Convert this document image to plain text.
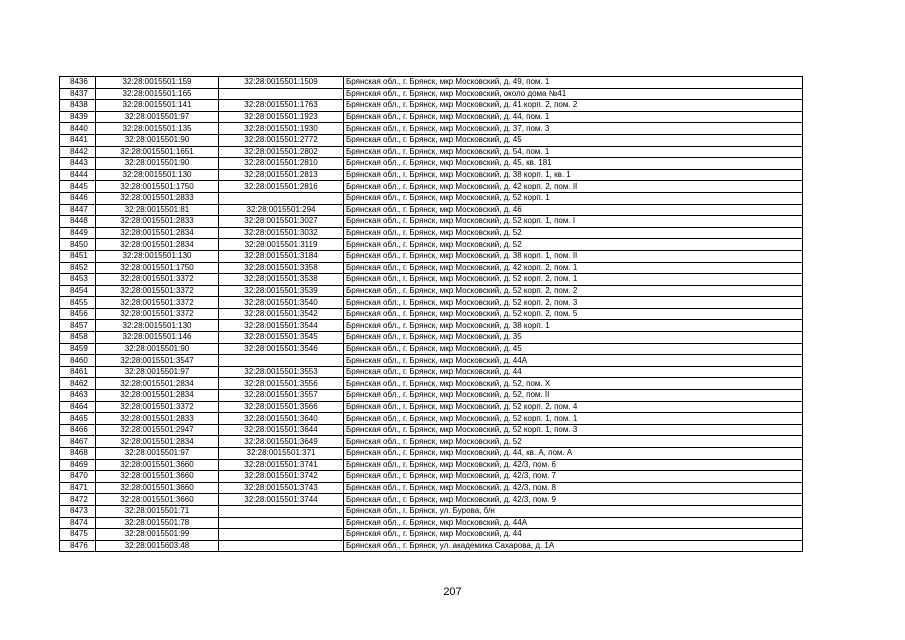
8436	32:28:0015501:159	32:28:0015501:1509	Брянская обл., г. Брянск, мкр Московский, д. 49, пом. 1
8437	32:28:0015501:165		Брянская обл., г. Брянск, мкр Московский, около дома №41
8438	32:28:0015501:141	32:28:0015501:1763	Брянская обл., г. Брянск, мкр Московский, д. 41 корп. 2, пом. 2
8439	32:28:0015501:97	32:28:0015501:1923	Брянская обл., г. Брянск, мкр Московский, д. 44, пом. 1
8440	32:28:0015501:135	32:28:0015501:1930	Брянская обл., г. Брянск, мкр Московский, д. 37, пом. 3
8441	32:28:0015501:90	32:28:0015501:2772	Брянская обл., г. Брянск, мкр Московский, д. 45
8442	32:28:0015501:1651	32:28:0015501:2802	Брянская обл., г. Брянск, мкр Московский, д. 54, пом. 1
8443	32:28:0015501:90	32:28:0015501:2810	Брянская обл., г. Брянск, мкр Московский, д. 45, кв. 181
8444	32:28:0015501:130	32:28:0015501:2813	Брянская обл., г. Брянск, мкр Московский, д. 38 корп. 1, кв. 1
8445	32:28:0015501:1750	32:28:0015501:2816	Брянская обл., г. Брянск, мкр Московский, д. 42 корп. 2, пом. II
8446	32:28:0015501:2833		Брянская обл., г. Брянск, мкр Московский, д. 52 корп. 1
8447	32:28:0015501:81	32:28:0015501:294	Брянская обл., г. Брянск, мкр Московский, д. 46
8448	32:28:0015501:2833	32:28:0015501:3027	Брянская обл., г. Брянск, мкр Московский, д. 52 корп. 1, пом. I
8449	32:28:0015501:2834	32:28:0015501:3032	Брянская обл., г. Брянск, мкр Московский, д. 52
8450	32:28:0015501:2834	32:28:0015501:3119	Брянская обл., г. Брянск, мкр Московский, д. 52
8451	32:28:0015501:130	32:28:0015501:3184	Брянская обл., г. Брянск, мкр Московский, д. 38 корп. 1, пом. II
8452	32:28:0015501:1750	32:28:0015501:3358	Брянская обл., г. Брянск, мкр Московский, д. 42 корп. 2, пом. 1
8453	32:28:0015501:3372	32:28:0015501:3538	Брянская обл., г. Брянск, мкр Московский, д. 52 корп. 2, пом. 1
8454	32:28:0015501:3372	32:28:0015501:3539	Брянская обл., г. Брянск, мкр Московский, д. 52 корп. 2, пом. 2
8455	32:28:0015501:3372	32:28:0015501:3540	Брянская обл., г. Брянск, мкр Московский, д. 52 корп. 2, пом. 3
8456	32:28:0015501:3372	32:28:0015501:3542	Брянская обл., г. Брянск, мкр Московский, д. 52 корп. 2, пом. 5
8457	32:28:0015501:130	32:28:0015501:3544	Брянская обл., г. Брянск, мкр Московский, д. 38 корп. 1
8458	32:28:0015501:146	32:28:0015501:3545	Брянская обл., г. Брянск, мкр Московский, д. 35
8459	32:28:0015501:90	32:28:0015501:3546	Брянская обл., г. Брянск, мкр Московский, д. 45
8460	32:28:0015501:3547		Брянская обл., г. Брянск, мкр Московский, д. 44А
8461	32:28:0015501:97	32:28:0015501:3553	Брянская обл., г. Брянск, мкр Московский, д. 44
8462	32:28:0015501:2834	32:28:0015501:3556	Брянская обл., г. Брянск, мкр Московский, д. 52, пом. X
8463	32:28:0015501:2834	32:28:0015501:3557	Брянская обл., г. Брянск, мкр Московский, д. 52, пом. II
8464	32:28:0015501:3372	32:28:0015501:3566	Брянская обл., г. Брянск, мкр Московский, д. 52 корп. 2, пом. 4
8465	32:28:0015501:2833	32:28:0015501:3640	Брянская обл., г. Брянск, мкр Московский, д. 52 корп. 1, пом. 1
8466	32:28:0015501:2947	32:28:0015501:3644	Брянская обл., г. Брянск, мкр Московский, д. 52 корп. 1, пом. 3
8467	32:28:0015501:2834	32:28:0015501:3649	Брянская обл., г. Брянск, мкр Московский, д. 52
8468	32:28:0015501:97	32:28:0015501:371	Брянская обл., г. Брянск, мкр Московский, д. 44, кв. А, пом. А
8469	32:28:0015501:3660	32:28:0015501:3741	Брянская обл., г. Брянск, мкр Московский, д. 42/3, пом. 6
8470	32:28:0015501:3660	32:28:0015501:3742	Брянская обл., г. Брянск, мкр Московский, д. 42/3, пом. 7
8471	32:28:0015501:3660	32:28:0015501:3743	Брянская обл., г. Брянск, мкр Московский, д. 42/3, пом. 8
8472	32:28:0015501:3660	32:28:0015501:3744	Брянская обл., г. Брянск, мкр Московский, д. 42/3, пом. 9
8473	32:28:0015501:71		Брянская обл., г. Брянск, ул. Бурова, б/н
8474	32:28:0015501:78		Брянская обл., г. Брянск, мкр Московский, д. 44А
8475	32:28:0015501:99		Брянская обл., г. Брянск, мкр Московский, д. 44
8476	32:28:0015603:48		Брянская обл., г. Брянск, ул. академика Сахарова, д. 1А
207
